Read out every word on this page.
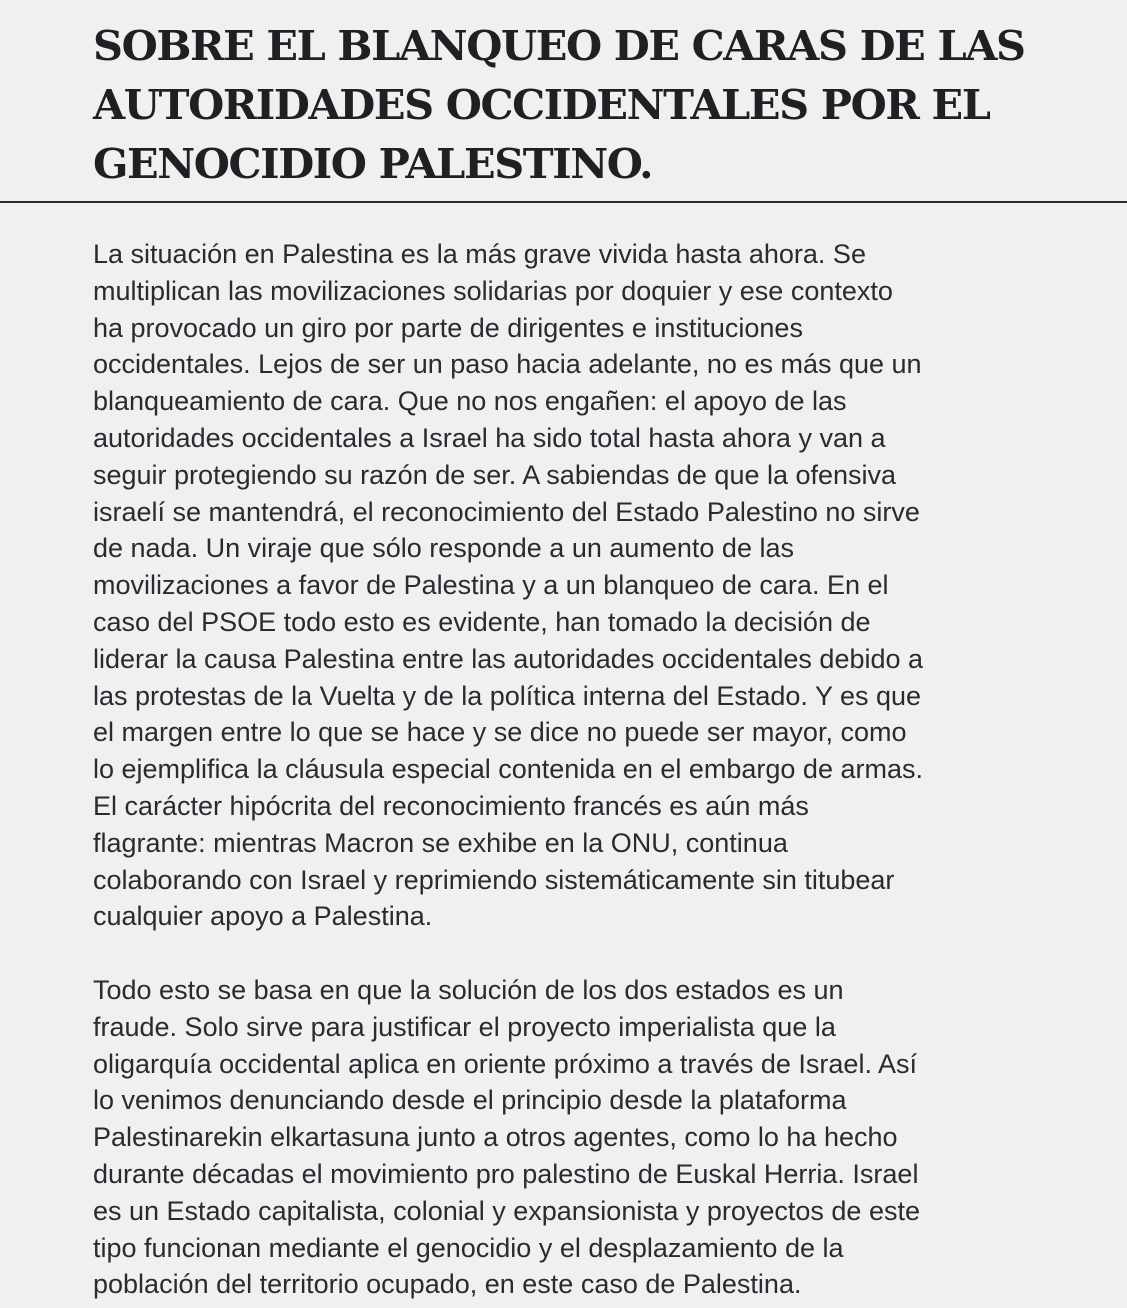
SOBRE EL BLANQUEO DE CARAS DE LAS
AUTORIDADES OCCIDENTALES POR EL
GENOCIDIO PALESTINO.

La situación en Palestina es la más grave vivida hasta ahora. Se
multiplican las movilizaciones solidarias por doquier y ese contexto
ha provocado un giro por parte de dirigentes e instituciones
occidentales. Lejos de ser un paso hacia adelante, no es más que un
blanqueamiento de cara. Que no nos engañen: el apoyo de las
autoridades occidentales a Israel ha sido total hasta ahora y van a
seguir protegiendo su razón de ser. A sabiendas de que la ofensiva
israelí se mantendrá, el reconocimiento del Estado Palestino no sirve
de nada. Un viraje que sólo responde a un aumento de las
movilizaciones a favor de Palestina y a un blanqueo de cara. En el
caso del PSOE todo esto es evidente, han tomado la decisión de
liderar la causa Palestina entre las autoridades occidentales debido a
las protestas de la Vuelta y de la política interna del Estado. Y es que
el margen entre lo que se hace y se dice no puede ser mayor, como
lo ejemplifica la cláusula especial contenida en el embargo de armas.
El carácter hipócrita del reconocimiento francés es aún más
flagrante: mientras Macron se exhibe en la ONU, continua
colaborando con Israel y reprimiendo sistemáticamente sin titubear
cualquier apoyo a Palestina.

Todo esto se basa en que la solución de los dos estados es un
fraude. Solo sirve para justificar el proyecto imperialista que la
oligarquía occidental aplica en oriente próximo a través de Israel. Así
lo venimos denunciando desde el principio desde la plataforma
Palestinarekin elkartasuna junto a otros agentes, como lo ha hecho
durante décadas el movimiento pro palestino de Euskal Herria. Israel
es un Estado capitalista, colonial y expansionista y proyectos de este
tipo funcionan mediante el genocidio y el desplazamiento de la
población del territorio ocupado, en este caso de Palestina.
